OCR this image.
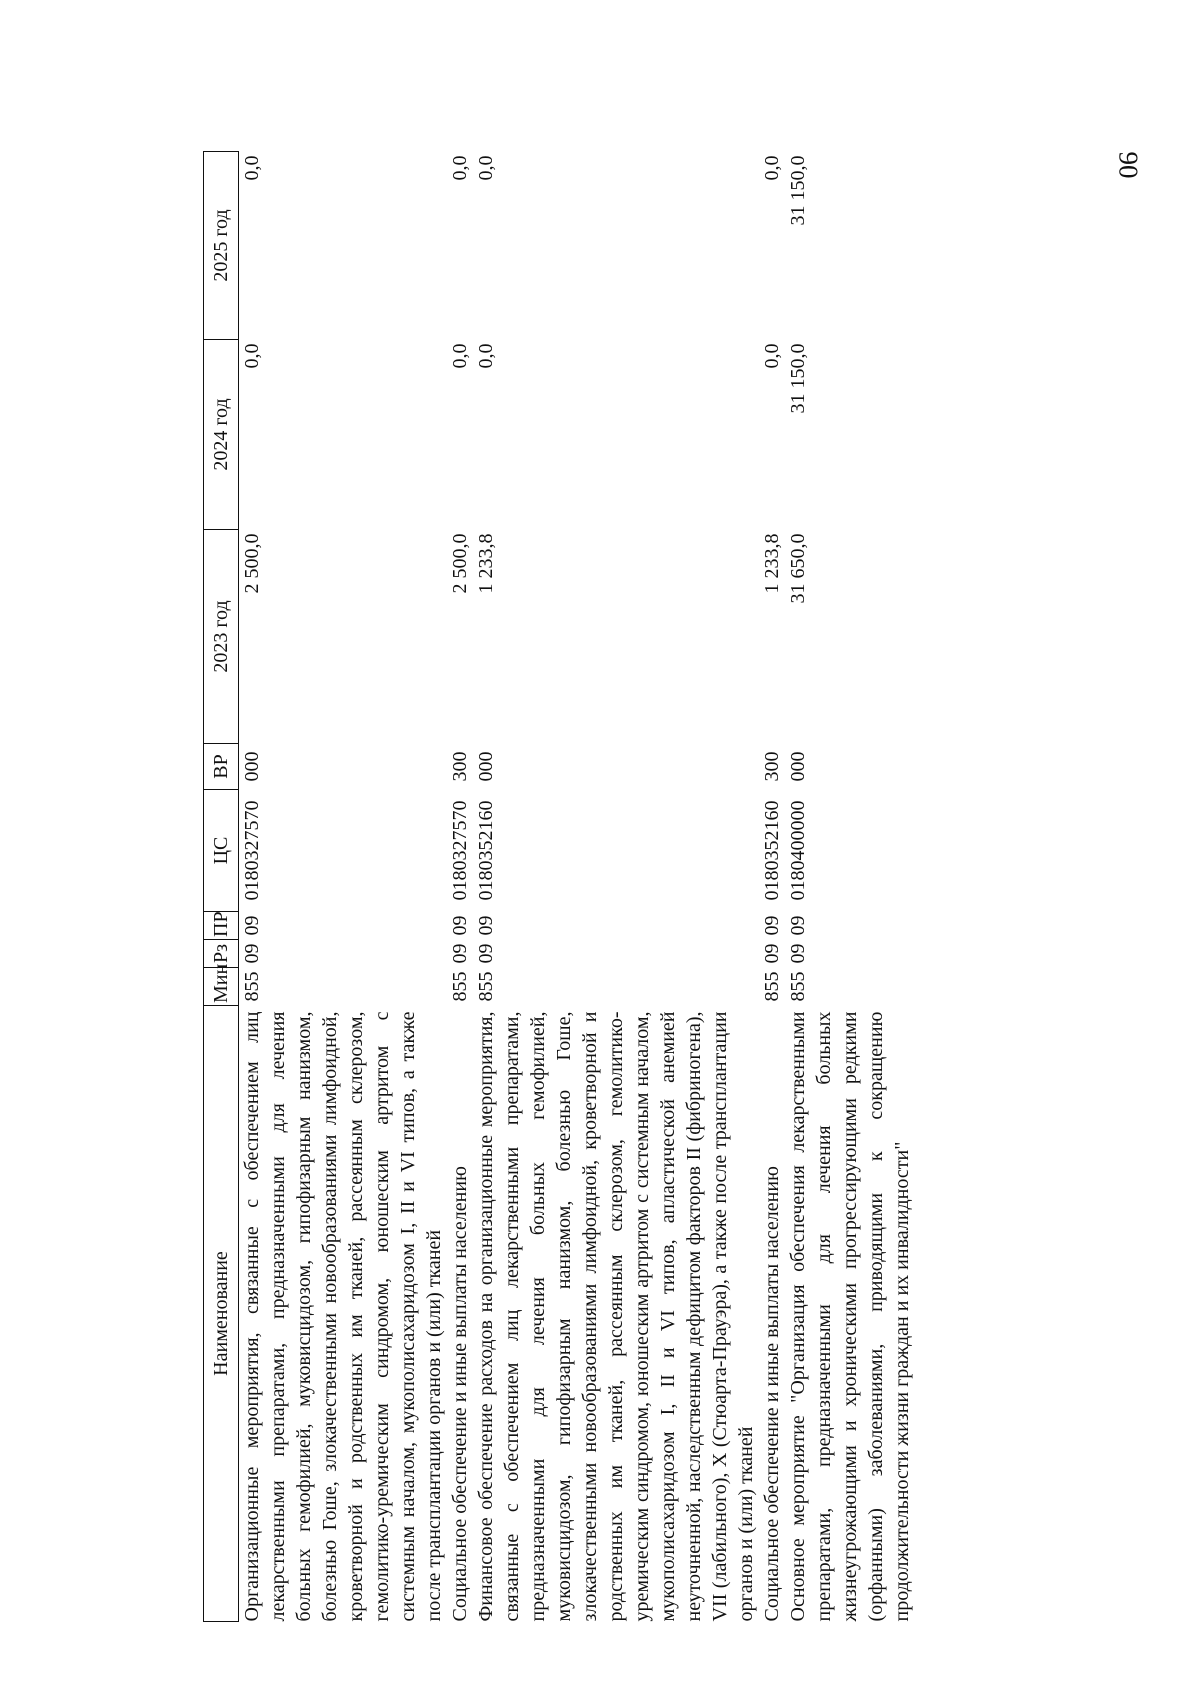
90
Наименование	Мин	Рз	ПР	ЦС	ВР	2023 год	2024 год	2025 год
Организационные мероприятия, связанные с обеспечением лиц лекарственными препаратами, предназначенными для лечения больных гемофилией, муковисцидозом, гипофизарным нанизмом, болезнью Гоше, злокачественными новообразованиями лимфоидной, кроветворной и родственных им тканей, рассеянным склерозом, гемолитико-уремическим синдромом, юношеским артритом с системным началом, мукополисахаридозом I, II и VI типов, а также после трансплантации органов и (или) тканей	855	09	09	0180327570	000	2 500,0	0,0	0,0
Социальное обеспечение и иные выплаты населению	855	09	09	0180327570	300	2 500,0	0,0	0,0
Финансовое обеспечение расходов на организационные мероприятия, связанные с обеспечением лиц лекарственными препаратами, предназначенными для лечения больных гемофилией, муковисцидозом, гипофизарным нанизмом, болезнью Гоше, злокачественными новообразованиями лимфоидной, кроветворной и родственных им тканей, рассеянным склерозом, гемолитико-уремическим синдромом, юношеским артритом с системным началом, мукополисахаридозом I, II и VI типов, апластической анемией неуточненной, наследственным дефицитом факторов II (фибриногена), VII (лабильного), X (Стюарта-Прауэра), а также после трансплантации органов и (или) тканей	855	09	09	0180352160	000	1 233,8	0,0	0,0
Социальное обеспечение и иные выплаты населению	855	09	09	0180352160	300	1 233,8	0,0	0,0
Основное мероприятие "Организация обеспечения лекарственными препаратами, предназначенными для лечения больных жизнеугрожающими и хроническими прогрессирующими редкими (орфанными) заболеваниями, приводящими к сокращению продолжительности жизни граждан и их инвалидности"	855	09	09	0180400000	000	31 650,0	31 150,0	31 150,0
